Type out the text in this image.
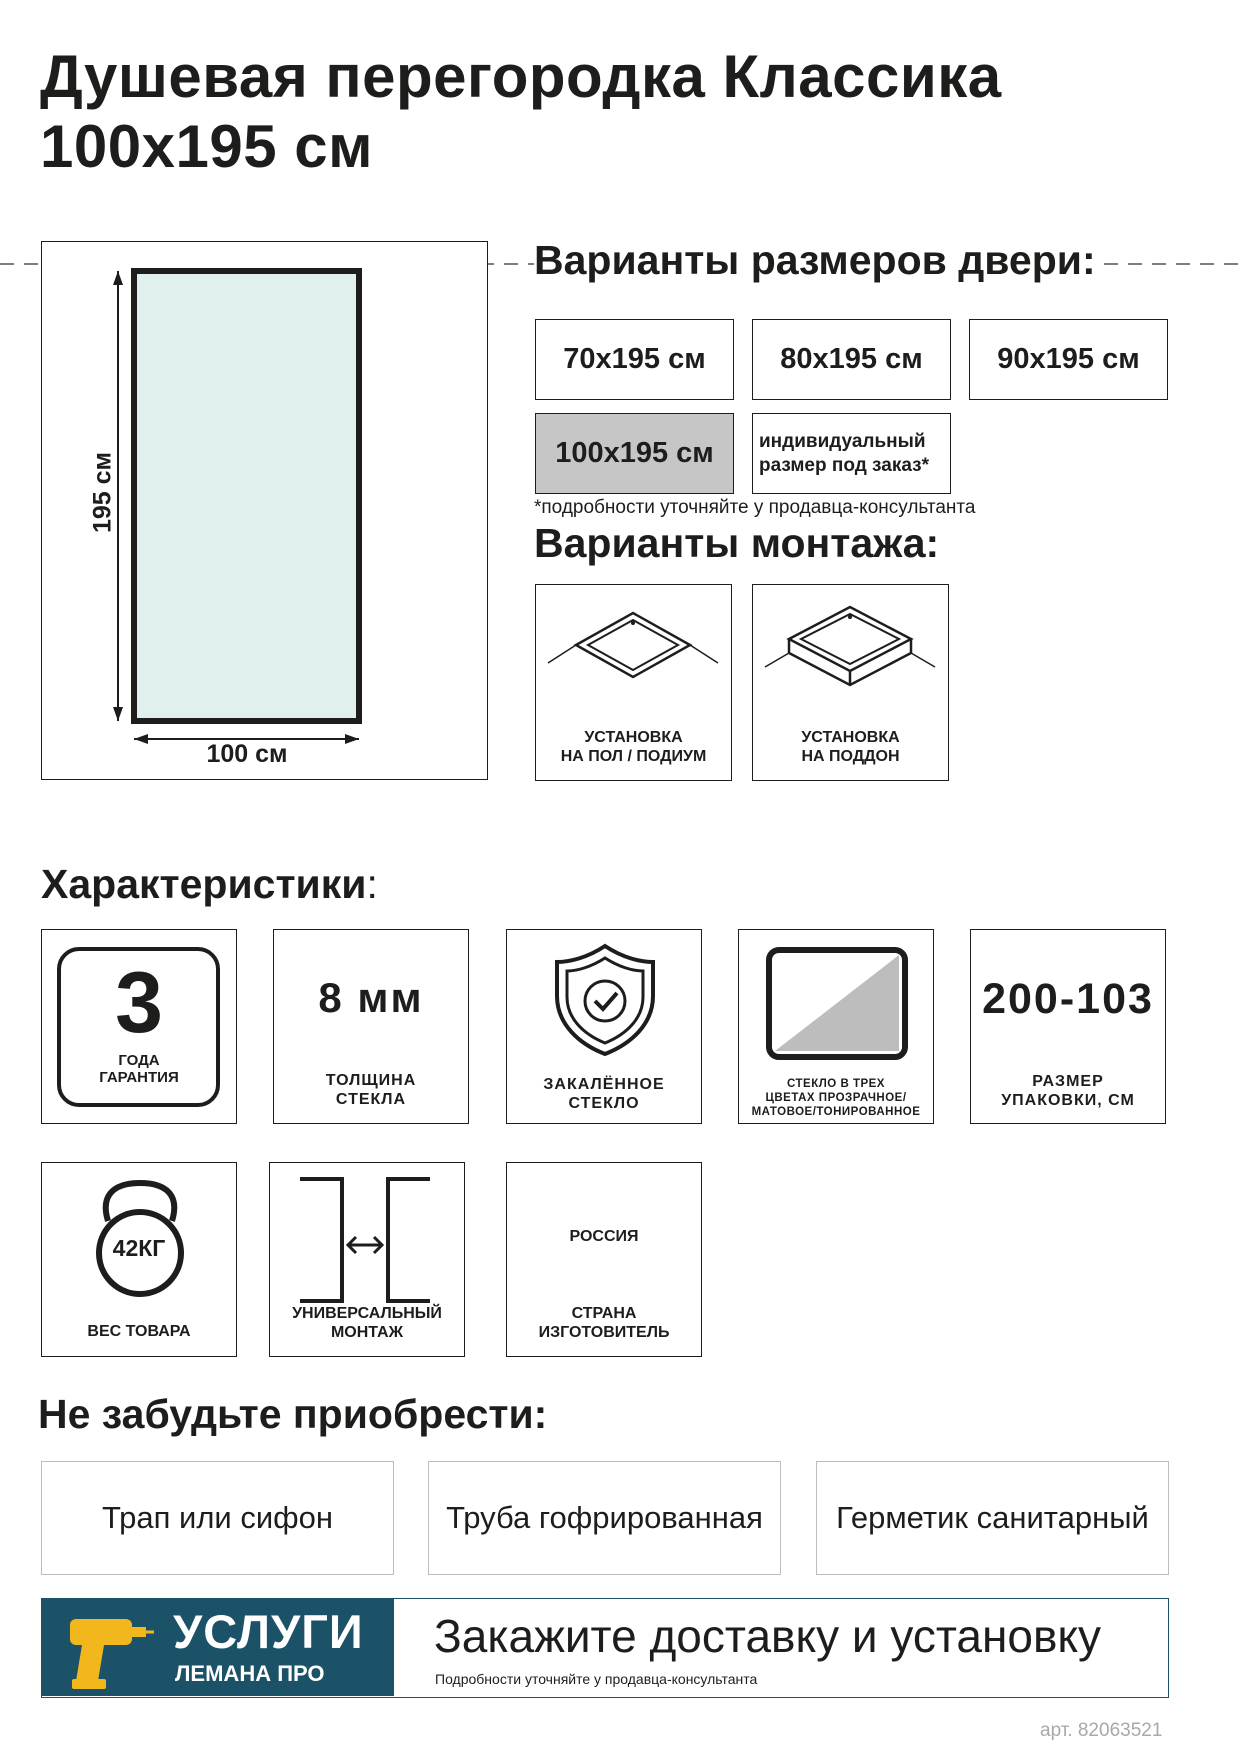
Душевая перегородка Классика
100х195 см
195 см
100 см
Варианты размеров двери:
70х195 см	80х195 см	90х195 см
100х195 см	индивидуальный
размер под заказ*
*подробности уточняйте у продавца-консультанта
Варианты монтажа:
УСТАНОВКА
НА ПОЛ / ПОДИУМ
УСТАНОВКА
НА ПОДДОН
Характеристики:
3
ГОДА
ГАРАНТИЯ
8 мм
ТОЛЩИНА
СТЕКЛА
ЗАКАЛЁННОЕ
СТЕКЛО
СТЕКЛО В ТРЕХ
ЦВЕТАХ ПРОЗРАЧНОЕ/
МАТОВОЕ/ТОНИРОВАННОЕ
200-103
РАЗМЕР
УПАКОВКИ, СМ
42КГ
ВЕС ТОВАРА
УНИВЕРСАЛЬНЫЙ
МОНТАЖ
РОССИЯ
СТРАНА
ИЗГОТОВИТЕЛЬ
Не забудьте приобрести:
Трап или сифон	Труба гофрированная	Герметик санитарный
УСЛУГИ
ЛЕМАНА ПРО
Закажите доставку и установку
Подробности уточняйте у продавца-консультанта
арт. 82063521
